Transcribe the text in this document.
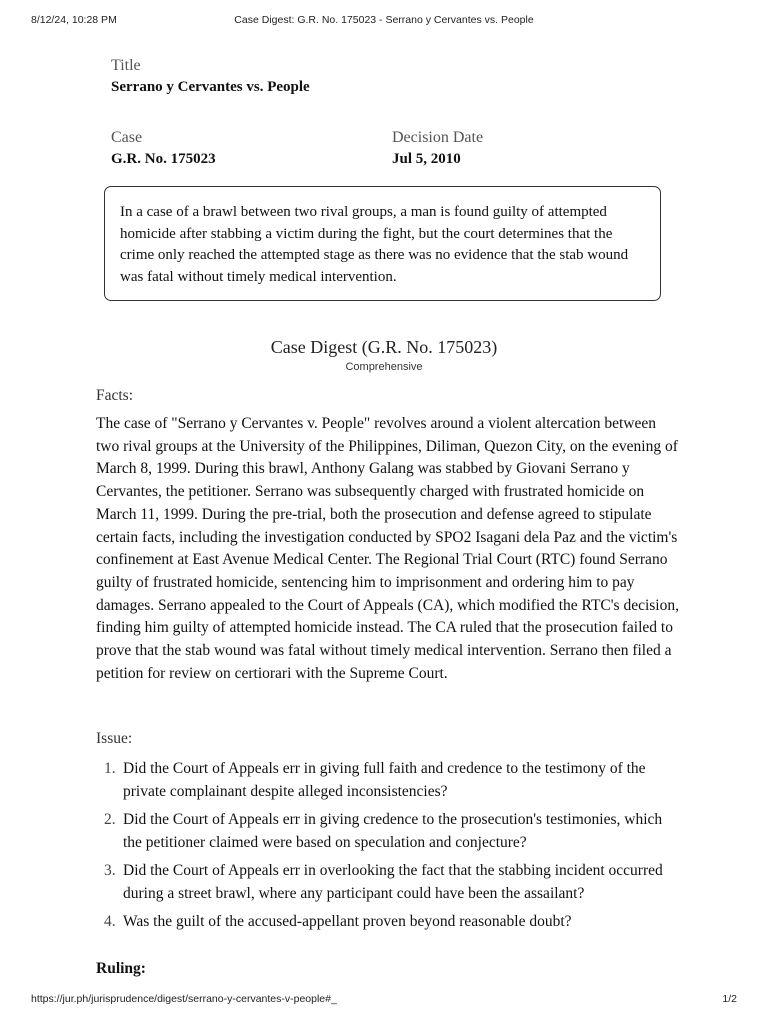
8/12/24, 10:28 PM	Case Digest: G.R. No. 175023 - Serrano y Cervantes vs. People
Title
Serrano y Cervantes vs. People
Case
G.R. No. 175023
Decision Date
Jul 5, 2010
In a case of a brawl between two rival groups, a man is found guilty of attempted homicide after stabbing a victim during the fight, but the court determines that the crime only reached the attempted stage as there was no evidence that the stab wound was fatal without timely medical intervention.
Case Digest (G.R. No. 175023)
Comprehensive
Facts:

The case of "Serrano y Cervantes v. People" revolves around a violent altercation between two rival groups at the University of the Philippines, Diliman, Quezon City, on the evening of March 8, 1999. During this brawl, Anthony Galang was stabbed by Giovani Serrano y Cervantes, the petitioner. Serrano was subsequently charged with frustrated homicide on March 11, 1999. During the pre-trial, both the prosecution and defense agreed to stipulate certain facts, including the investigation conducted by SPO2 Isagani dela Paz and the victim's confinement at East Avenue Medical Center. The Regional Trial Court (RTC) found Serrano guilty of frustrated homicide, sentencing him to imprisonment and ordering him to pay damages. Serrano appealed to the Court of Appeals (CA), which modified the RTC's decision, finding him guilty of attempted homicide instead. The CA ruled that the prosecution failed to prove that the stab wound was fatal without timely medical intervention. Serrano then filed a petition for review on certiorari with the Supreme Court.

Issue:
1. Did the Court of Appeals err in giving full faith and credence to the testimony of the private complainant despite alleged inconsistencies?
2. Did the Court of Appeals err in giving credence to the prosecution's testimonies, which the petitioner claimed were based on speculation and conjecture?
3. Did the Court of Appeals err in overlooking the fact that the stabbing incident occurred during a street brawl, where any participant could have been the assailant?
4. Was the guilt of the accused-appellant proven beyond reasonable doubt?
Ruling:
https://jur.ph/jurisprudence/digest/serrano-y-cervantes-v-people#_	1/2
